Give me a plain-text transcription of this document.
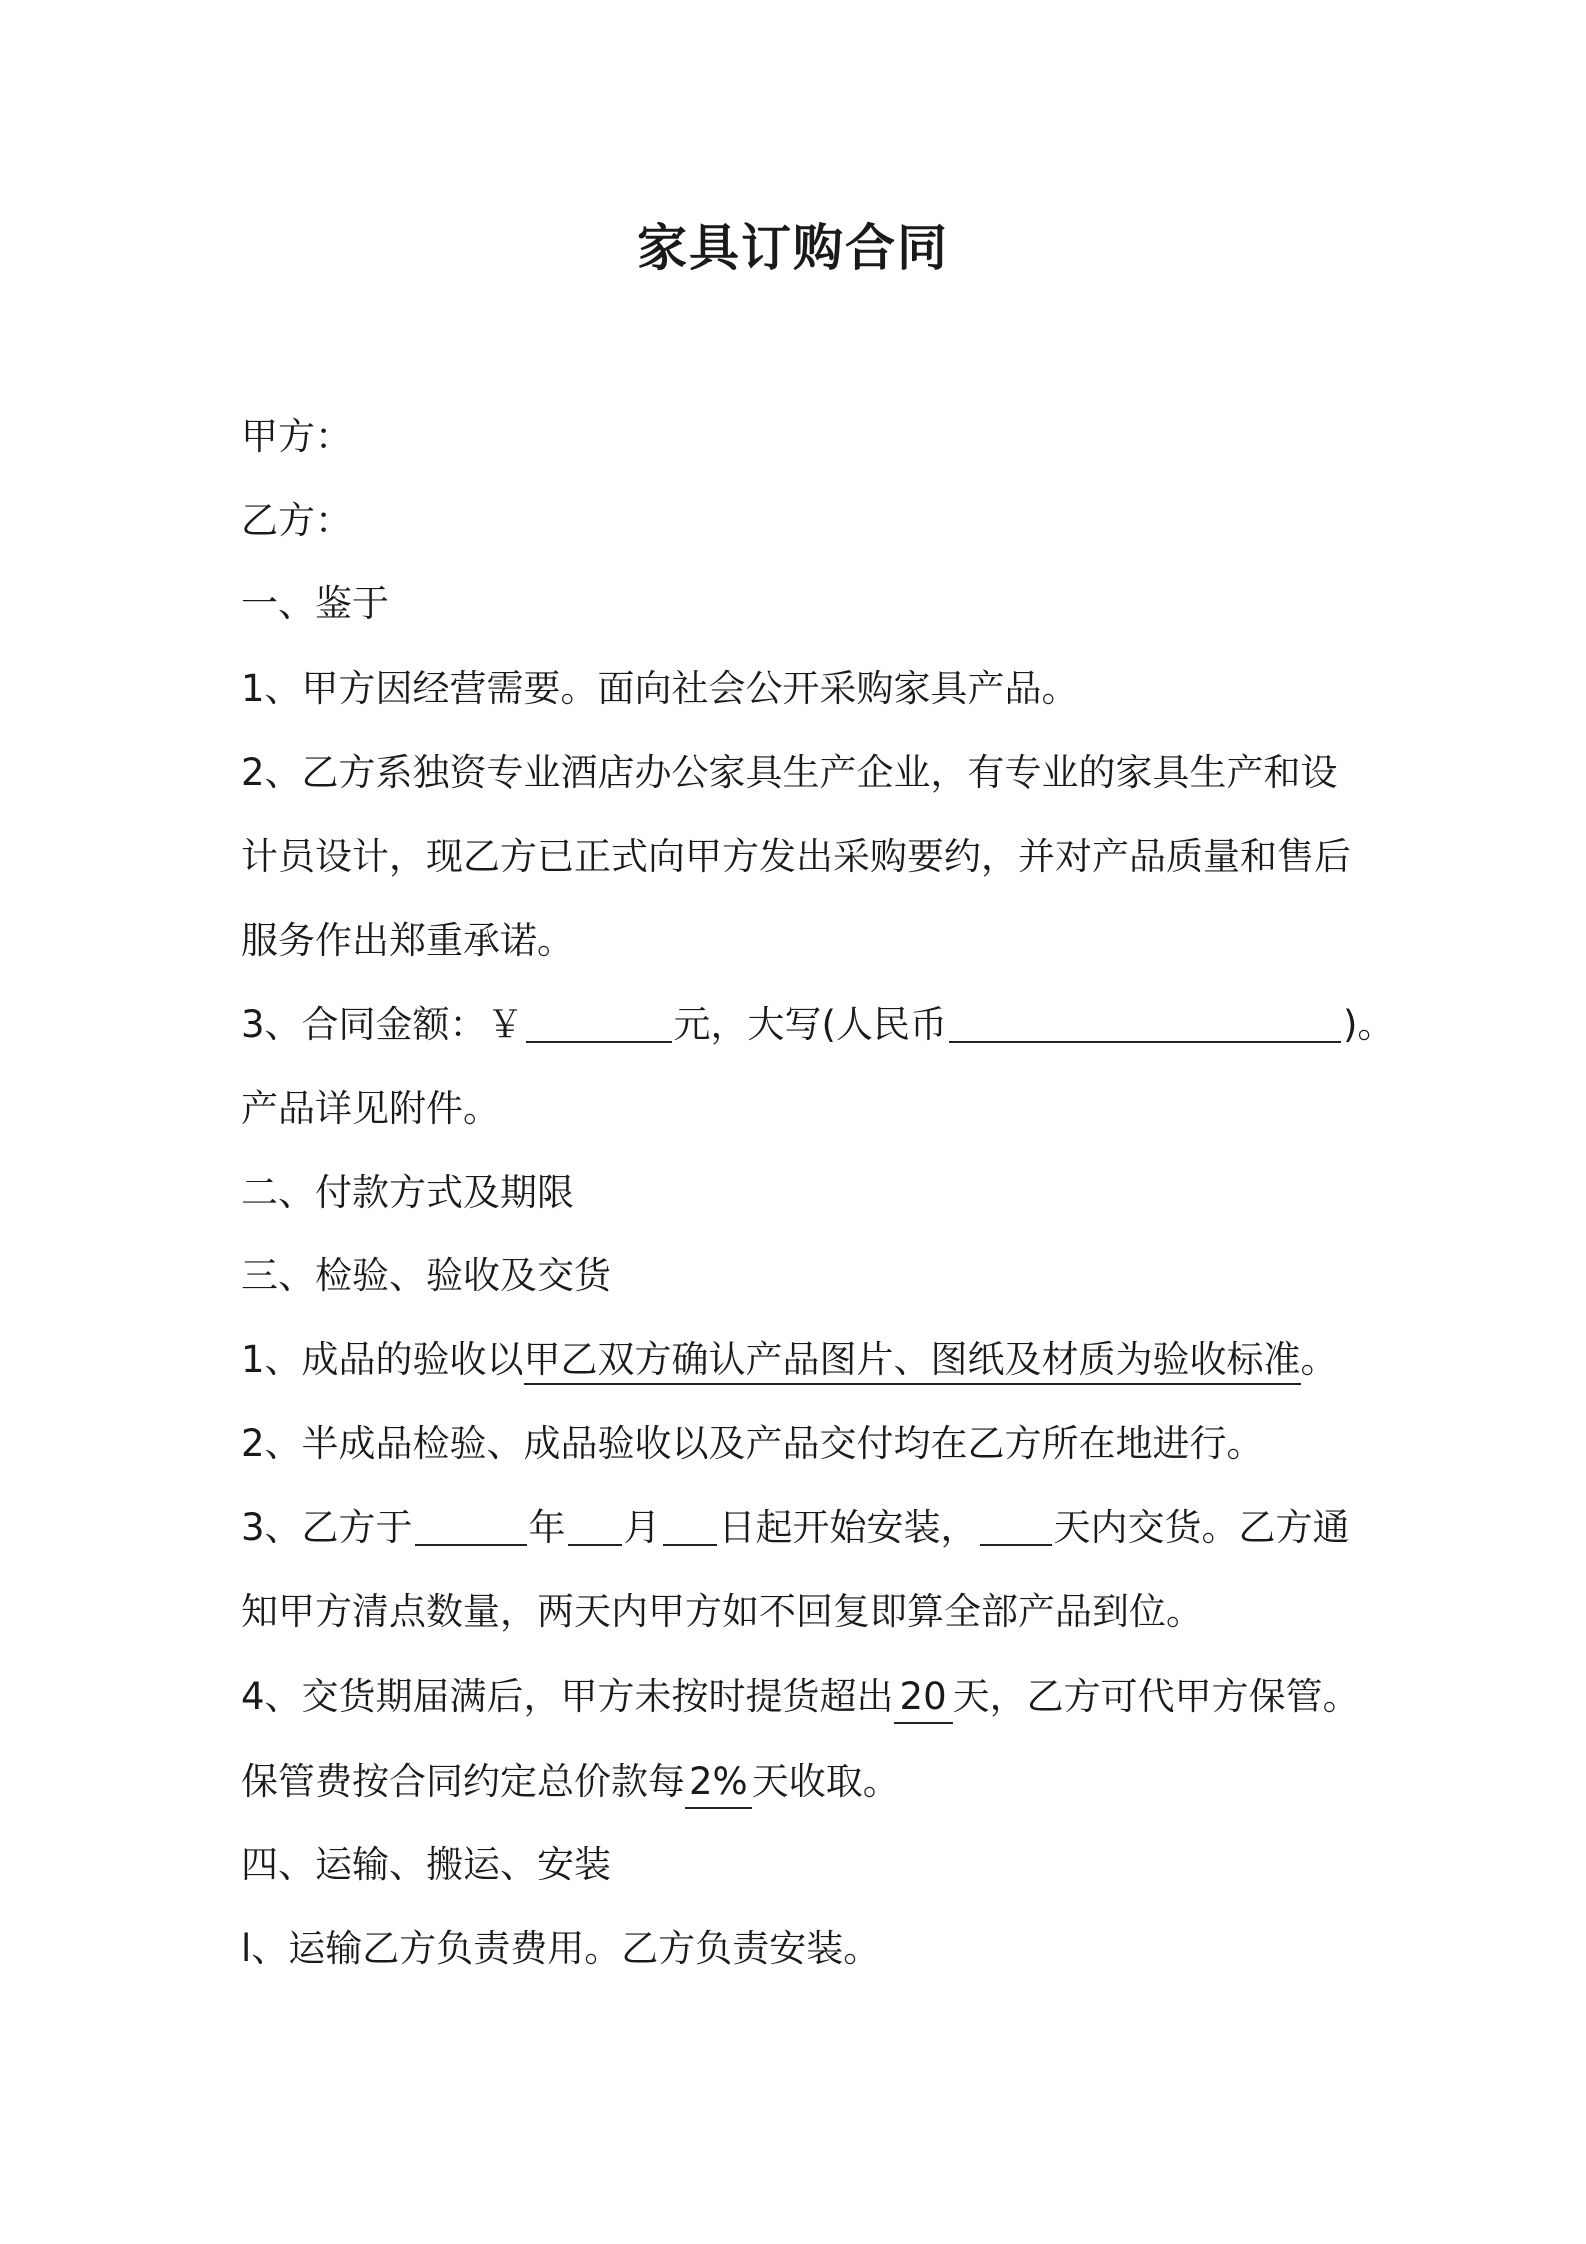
家具订购合同
甲方：
乙方：
一、鉴于
1、甲方因经营需要。面向社会公开采购家具产品。
2、乙方系独资专业酒店办公家具生产企业，有专业的家具生产和设
计员设计，现乙方已正式向甲方发出采购要约，并对产品质量和售后
服务作出郑重承诺。
3、合同金额：￥	元，大写(人民币	)。
产品详见附件。
二、付款方式及期限
三、检验、验收及交货
1、成品的验收以甲乙双方确认产品图片、图纸及材质为验收标准。
2、半成品检验、成品验收以及产品交付均在乙方所在地进行。
3、乙方于	年 月 日起开始安装， 天内交货。乙方通
知甲方清点数量，两天内甲方如不回复即算全部产品到位。
4、交货期届满后，甲方未按时提货超出 20 天，乙方可代甲方保管。
保管费按合同约定总价款每 2% 天收取。
四、运输、搬运、安装
l、运输乙方负责费用。乙方负责安装。
